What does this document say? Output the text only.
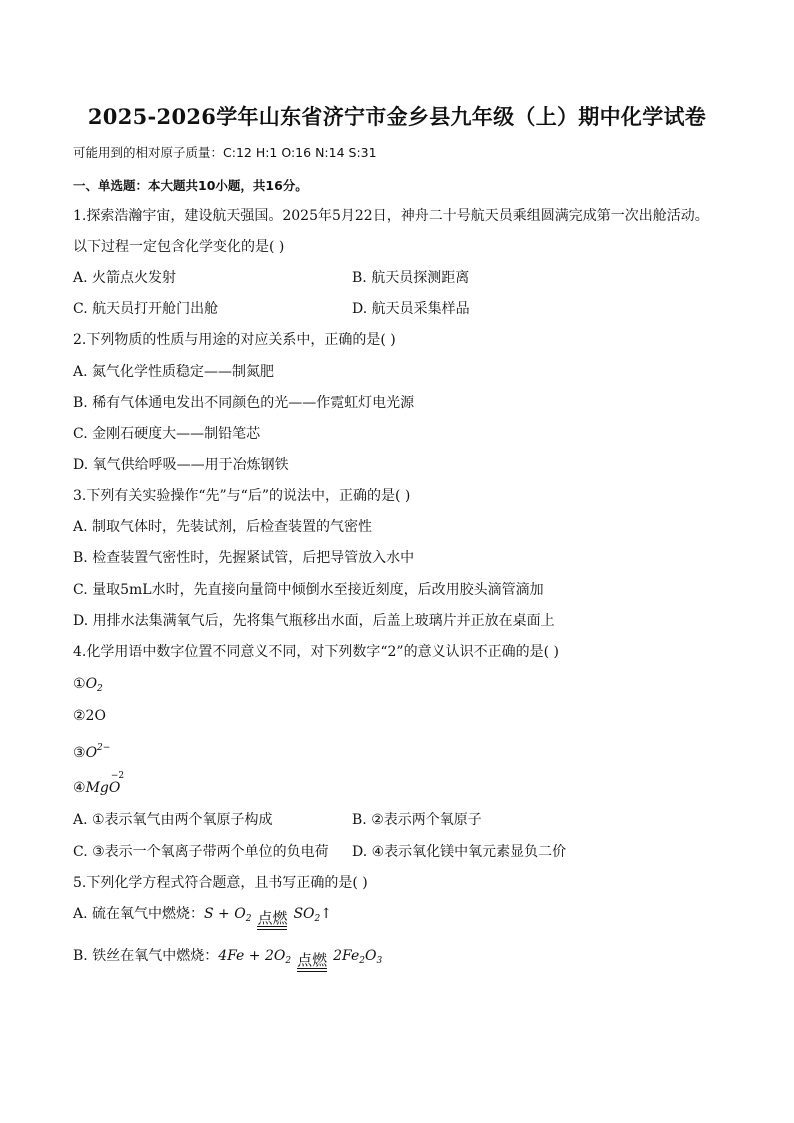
2025-2026学年山东省济宁市金乡县九年级（上）期中化学试卷
可能用到的相对原子质量：C:12 H:1 O:16 N:14 S:31
一、单选题：本大题共10小题，共16分。
1.探索浩瀚宇宙，建设航天强国。2025年5月22日，神舟二十号航天员乘组圆满完成第一次出舱活动。
以下过程一定包含化学变化的是( )
A. 火箭点火发射	B. 航天员探测距离
C. 航天员打开舱门出舱	D. 航天员采集样品
2.下列物质的性质与用途的对应关系中，正确的是( )
A. 氮气化学性质稳定——制氮肥
B. 稀有气体通电发出不同颜色的光——作霓虹灯电光源
C. 金刚石硬度大——制铅笔芯
D. 氧气供给呼吸——用于冶炼钢铁
3.下列有关实验操作“先”与“后”的说法中，正确的是( )
A. 制取气体时，先装试剂，后检查装置的气密性
B. 检查装置气密性时，先握紧试管，后把导管放入水中
C. 量取5mL水时，先直接向量筒中倾倒水至接近刻度，后改用胶头滴管滴加
D. 用排水法集满氧气后，先将集气瓶移出水面，后盖上玻璃片并正放在桌面上
4.化学用语中数字位置不同意义不同，对下列数字“2”的意义认识不正确的是( )
$①O_2$
②2O
$③O^{2-}$
④Mg
−2
O
A. ①表示氧气由两个氧原子构成	B. ②表示两个氧原子
C. ③表示一个氧离子带两个单位的负电荷 D. ④表示氧化镁中氧元素显负二价
5.下列化学方程式符合题意，且书写正确的是( )
A. 硫在氧气中燃烧：$S + O_2$ 点燃 $SO_2↑$
B. 铁丝在氧气中燃烧：$4Fe + 2O_2$ 点燃 $2Fe_2O_3$
